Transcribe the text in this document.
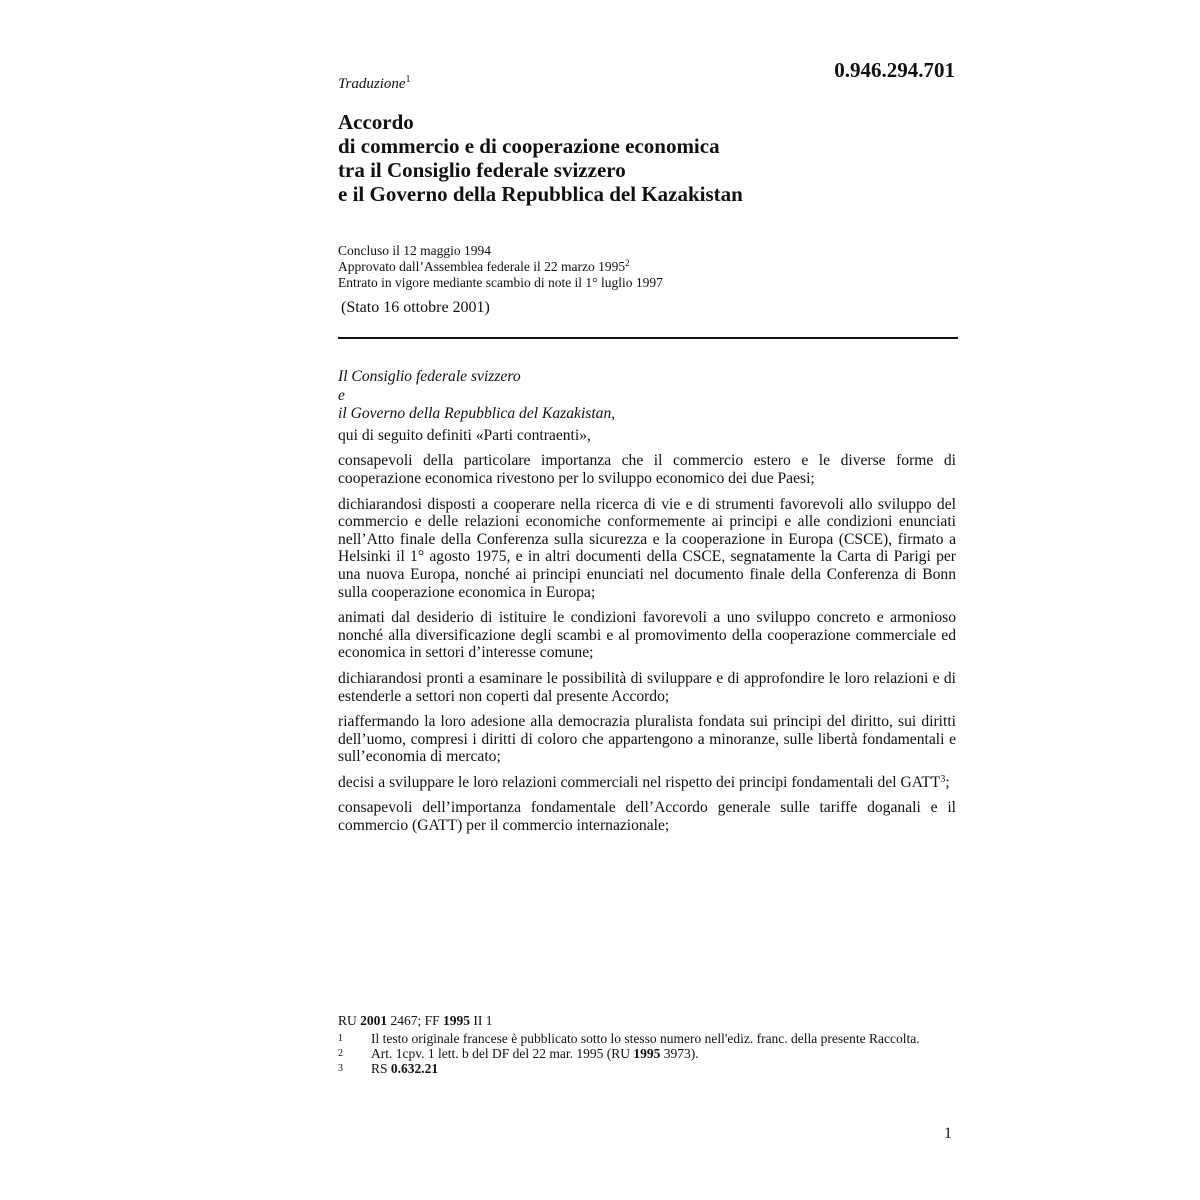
0.946.294.701
Traduzione$^1$
Accordo
di commercio e di cooperazione economica
tra il Consiglio federale svizzero
e il Governo della Repubblica del Kazakistan
Concluso il 12 maggio 1994
Approvato dall’Assemblea federale il 22 marzo 1995$^2$
Entrato in vigore mediante scambio di note il 1° luglio 1997
(Stato 16 ottobre 2001)

Il Consiglio federale svizzero

e

il Governo della Repubblica del Kazakistan,

qui di seguito definiti «Parti contraenti»,

consapevoli della particolare importanza che il commercio estero e le diverse forme di cooperazione economica rivestono per lo sviluppo economico dei due Paesi;

dichiarandosi disposti a cooperare nella ricerca di vie e di strumenti favorevoli allo sviluppo del commercio e delle relazioni economiche conformemente ai principi e alle condizioni enunciati nell’Atto finale della Conferenza sulla sicurezza e la cooperazione in Europa (CSCE), firmato a Helsinki il 1° agosto 1975, e in altri documenti della CSCE, segnatamente la Carta di Parigi per una nuova Europa, nonché ai principi enunciati nel documento finale della Conferenza di Bonn sulla cooperazione economica in Europa;

animati dal desiderio di istituire le condizioni favorevoli a uno sviluppo concreto e armonioso nonché alla diversificazione degli scambi e al promovimento della cooperazione commerciale ed economica in settori d’interesse comune;

dichiarandosi pronti a esaminare le possibilità di sviluppare e di approfondire le loro relazioni e di estenderle a settori non coperti dal presente Accordo;

riaffermando la loro adesione alla democrazia pluralista fondata sui principi del diritto, sui diritti dell’uomo, compresi i diritti di coloro che appartengono a minoranze, sulle libertà fondamentali e sull’economia di mercato;

decisi a sviluppare le loro relazioni commerciali nel rispetto dei principi fondamentali del GATT$^3$;

consapevoli dell’importanza fondamentale dell’Accordo generale sulle tariffe doganali e il commercio (GATT) per il commercio internazionale;

RU 2001 2467; FF 1995 II 1
1	Il testo originale francese è pubblicato sotto lo stesso numero nell'ediz. franc. della presente Raccolta.
2	Art. 1cpv. 1 lett. b del DF del 22 mar. 1995 (RU 1995 3973).
3	RS 0.632.21
1
